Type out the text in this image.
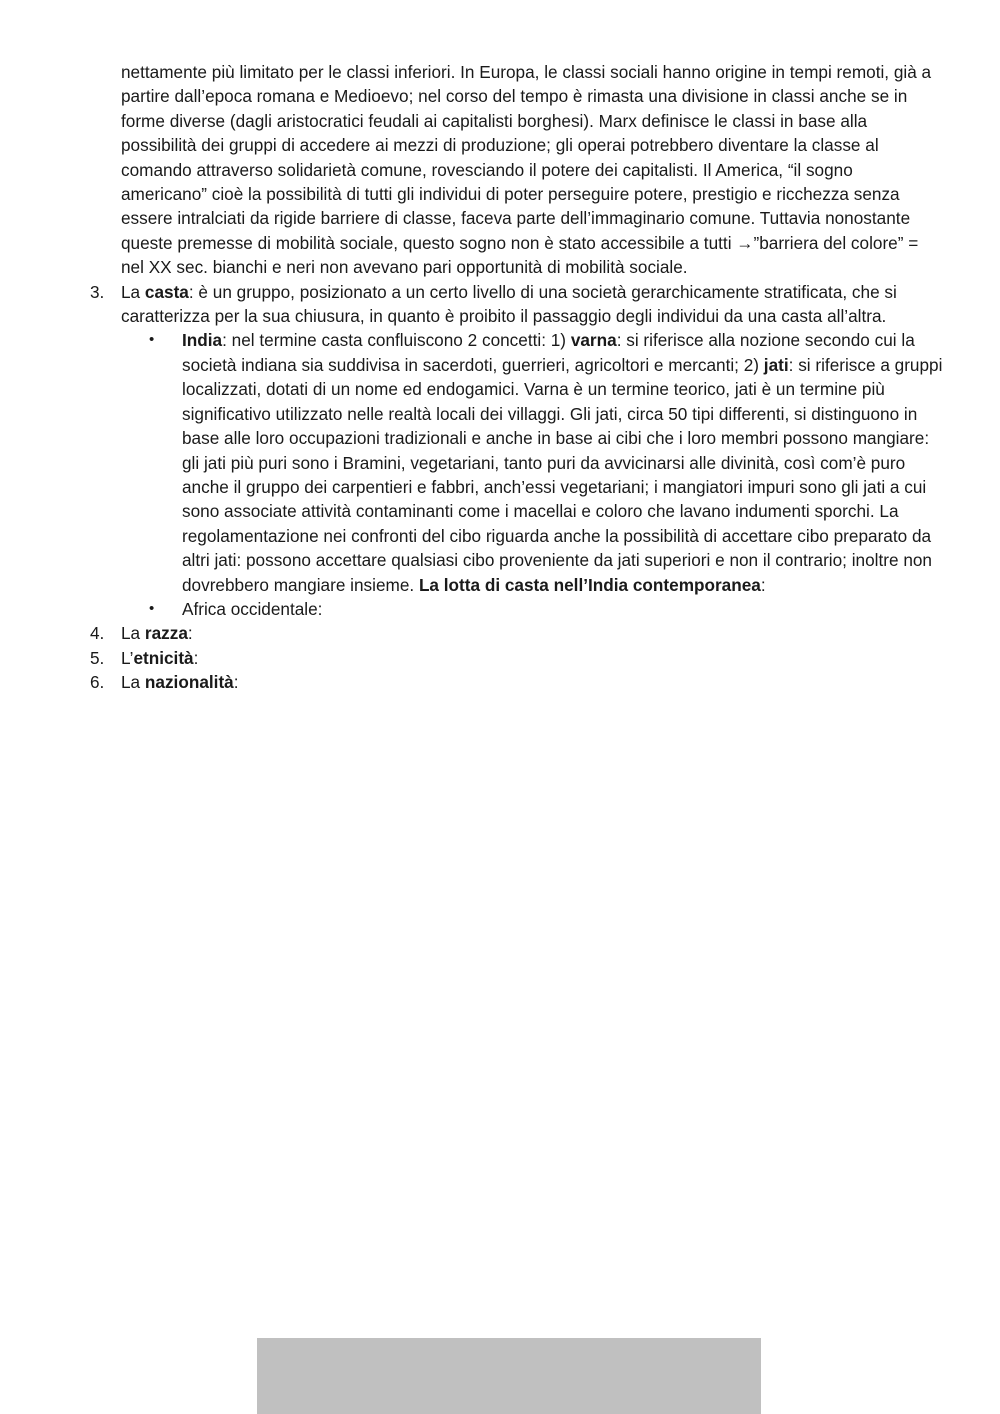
nettamente più limitato per le classi inferiori. In Europa, le classi sociali hanno origine in tempi remoti, già a partire dall’epoca romana e Medioevo; nel corso del tempo è rimasta una divisione in classi anche se in forme diverse (dagli aristocratici feudali ai capitalisti borghesi). Marx definisce le classi in base alla possibilità dei gruppi di accedere ai mezzi di produzione; gli operai potrebbero diventare la classe al comando attraverso solidarietà comune, rovesciando il potere dei capitalisti. Il America, “il sogno americano” cioè la possibilità di tutti gli individui di poter perseguire potere, prestigio e ricchezza senza essere intralciati da rigide barriere di classe, faceva parte dell’immaginario comune. Tuttavia nonostante queste premesse di mobilità sociale, questo sogno non è stato accessibile a tutti →”barriera del colore” = nel XX sec. bianchi e neri non avevano pari opportunità di mobilità sociale.

3. La casta: è un gruppo, posizionato a un certo livello di una società gerarchicamente stratificata, che si caratterizza per la sua chiusura, in quanto è proibito il passaggio degli individui da una casta all’altra.
• India: nel termine casta confluiscono 2 concetti: 1) varna: si riferisce alla nozione secondo cui la società indiana sia suddivisa in sacerdoti, guerrieri, agricoltori e mercanti; 2) jati: si riferisce a gruppi localizzati, dotati di un nome ed endogamici. Varna è un termine teorico, jati è un termine più significativo utilizzato nelle realtà locali dei villaggi. Gli jati, circa 50 tipi differenti, si distinguono in base alle loro occupazioni tradizionali e anche in base ai cibi che i loro membri possono mangiare: gli jati più puri sono i Bramini, vegetariani, tanto puri da avvicinarsi alle divinità, così com’è puro anche il gruppo dei carpentieri e fabbri, anch’essi vegetariani; i mangiatori impuri sono gli jati a cui sono associate attività contaminanti come i macellai e coloro che lavano indumenti sporchi. La regolamentazione nei confronti del cibo riguarda anche la possibilità di accettare cibo preparato da altri jati: possono accettare qualsiasi cibo proveniente da jati superiori e non il contrario; inoltre non dovrebbero mangiare insieme. La lotta di casta nell’India contemporanea:
• Africa occidentale:
4. La razza:
5. L’etnicità:
6. La nazionalità:
